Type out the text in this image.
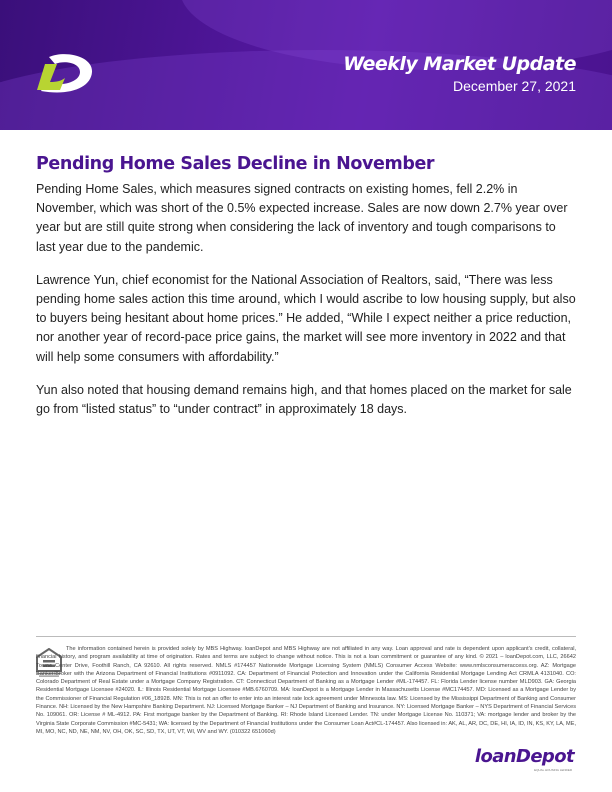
Weekly Market Update
December 27, 2021
Pending Home Sales Decline in November

Pending Home Sales, which measures signed contracts on existing homes, fell 2.2% in November, which was short of the 0.5% expected increase. Sales are now down 2.7% year over year but are still quite strong when considering the lack of inventory and tough comparisons to last year due to the pandemic.

Lawrence Yun, chief economist for the National Association of Realtors, said, “There was less pending home sales action this time around, which I would ascribe to low housing supply, but also to buyers being hesitant about home prices.” He added, “While I expect neither a price reduction, nor another year of record-pace price gains, the market will see more inventory in 2022 and that will help some consumers with affordability.”

Yun also noted that housing demand remains high, and that homes placed on the market for sale go from “listed status” to “under contract” in approximately 18 days.

The information contained herein is provided solely by MBS Highway. loanDepot and MBS Highway are not affiliated in any way. Loan approval and rate is dependent upon applicant's credit, collateral, financial history, and program availability at time of origination. Rates and terms are subject to change without notice. This is not a loan commitment or guarantee of any kind. © 2021 – loanDepot.com, LLC, 26642 Towne Center Drive, Foothill Ranch, CA 92610. All rights reserved. NMLS #174457 Nationwide Mortgage Licensing System (NMLS) Consumer Access Website: www.nmlsconsumeraccess.org. AZ: Mortgage Banker/Broker with the Arizona Department of Financial Institutions #0911092. CA: Department of Financial Protection and Innovation under the California Residential Mortgage Lending Act CRMLA 4131040. CO: Colorado Department of Real Estate under a Mortgage Company Registration. CT: Connecticut Department of Banking as a Mortgage Lender #ML-174457. FL: Florida Lender license number MLD903. GA: Georgia Residential Mortgage Licensee #24020. IL: Illinois Residential Mortgage Licensee #MB.6760709. MA: loanDepot is a Mortgage Lender in Massachusetts License #MC174457. MD: Licensed as a Mortgage Lender by the Commissioner of Financial Regulation #06_18928. MN: This is not an offer to enter into an interest rate lock agreement under Minnesota law. MS: Licensed by the Mississippi Department of Banking and Consumer Finance. NH: Licensed by the New Hampshire Banking Department. NJ: Licensed Mortgage Banker – NJ Department of Banking and Insurance. NY: Licensed Mortgage Banker – NYS Department of Financial Services No. 109061. OR: License # ML-4912. PA: First mortgage banker by the Department of Banking. RI: Rhode Island Licensed Lender. TN: under Mortgage License No. 110371; VA: mortgage lender and broker by the Virginia State Corporate Commission #MC-5431; WA: licensed by the Department of Financial Institutions under the Consumer Loan Act#CL-174457. Also licensed in: AK, AL, AR, DC, DE, HI, IA, ID, IN, KS, KY, LA, ME, MI, MO, NC, ND, NE, NM, NV, OH, OK, SC, SD, TX, UT, VT, WI, WV and WY. (010322 651060d)
loanDepot
EQUAL HOUSING LENDER
